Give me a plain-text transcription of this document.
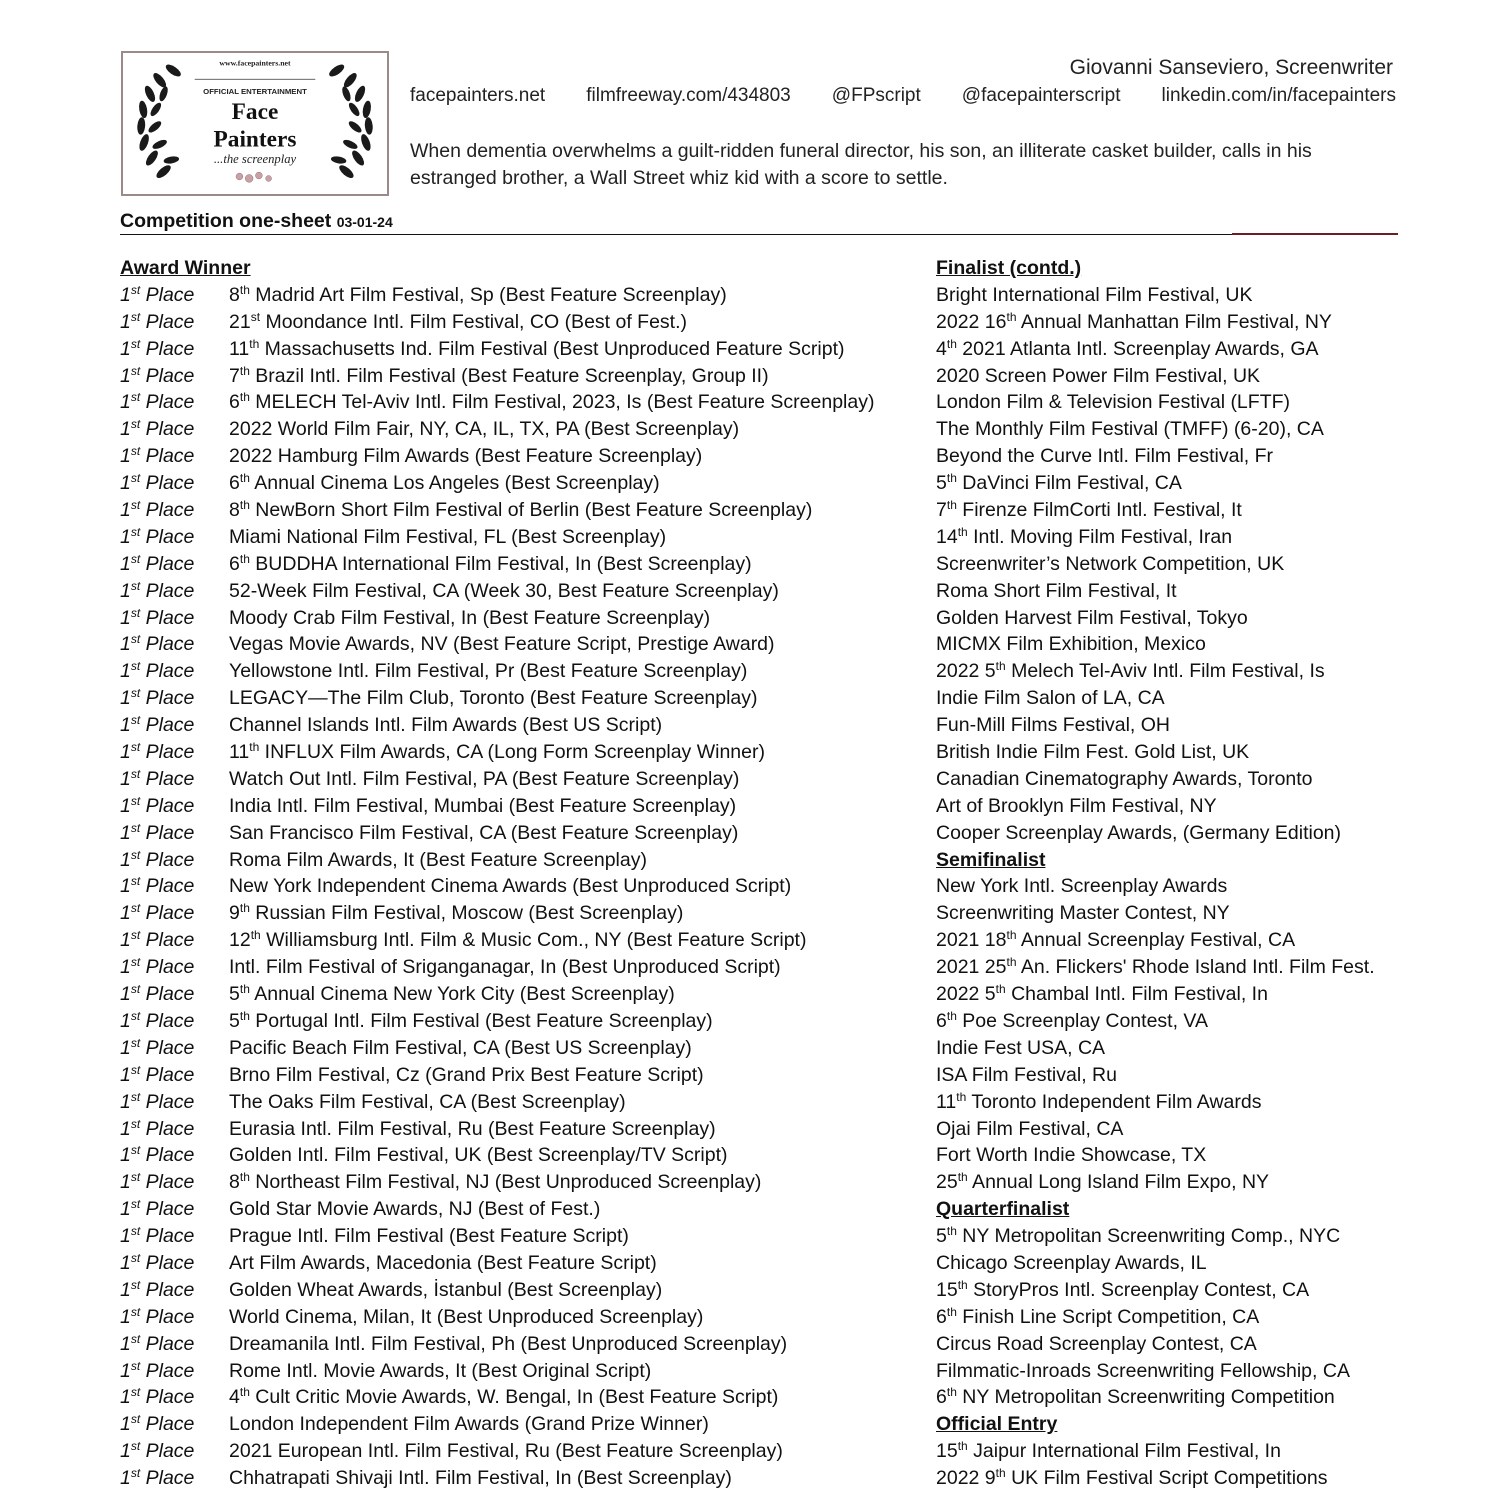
www.facepainters.net
OFFICIAL ENTERTAINMENT
Face
Painters
...the screenplay
Giovanni Sanseviero, Screenwriter
facepainters.net filmfreeway.com/434803 @FPscript @facepainterscript linkedin.com/in/facepainters
When dementia overwhelms a guilt-ridden funeral director, his son, an illiterate casket builder, calls in his estranged brother, a Wall Street whiz kid with a score to settle.
Competition one-sheet 03-01-24
Award Winner
1st Place 8th Madrid Art Film Festival, Sp (Best Feature Screenplay)
1st Place 21st Moondance Intl. Film Festival, CO (Best of Fest.)
1st Place 11th Massachusetts Ind. Film Festival (Best Unproduced Feature Script)
1st Place 7th Brazil Intl. Film Festival (Best Feature Screenplay, Group II)
1st Place 6th MELECH Tel-Aviv Intl. Film Festival, 2023, Is (Best Feature Screenplay)
1st Place 2022 World Film Fair, NY, CA, IL, TX, PA (Best Screenplay)
1st Place 2022 Hamburg Film Awards (Best Feature Screenplay)
1st Place 6th Annual Cinema Los Angeles (Best Screenplay)
1st Place 8th NewBorn Short Film Festival of Berlin (Best Feature Screenplay)
1st Place Miami National Film Festival, FL (Best Screenplay)
1st Place 6th BUDDHA International Film Festival, In (Best Screenplay)
1st Place 52-Week Film Festival, CA (Week 30, Best Feature Screenplay)
1st Place Moody Crab Film Festival, In (Best Feature Screenplay)
1st Place Vegas Movie Awards, NV (Best Feature Script, Prestige Award)
1st Place Yellowstone Intl. Film Festival, Pr (Best Feature Screenplay)
1st Place LEGACY—The Film Club, Toronto (Best Feature Screenplay)
1st Place Channel Islands Intl. Film Awards (Best US Script)
1st Place 11th INFLUX Film Awards, CA (Long Form Screenplay Winner)
1st Place Watch Out Intl. Film Festival, PA (Best Feature Screenplay)
1st Place India Intl. Film Festival, Mumbai (Best Feature Screenplay)
1st Place San Francisco Film Festival, CA (Best Feature Screenplay)
1st Place Roma Film Awards, It (Best Feature Screenplay)
1st Place New York Independent Cinema Awards (Best Unproduced Script)
1st Place 9th Russian Film Festival, Moscow (Best Screenplay)
1st Place 12th Williamsburg Intl. Film & Music Com., NY (Best Feature Script)
1st Place Intl. Film Festival of Sriganganagar, In (Best Unproduced Script)
1st Place 5th Annual Cinema New York City (Best Screenplay)
1st Place 5th Portugal Intl. Film Festival (Best Feature Screenplay)
1st Place Pacific Beach Film Festival, CA (Best US Screenplay)
1st Place Brno Film Festival, Cz (Grand Prix Best Feature Script)
1st Place The Oaks Film Festival, CA (Best Screenplay)
1st Place Eurasia Intl. Film Festival, Ru (Best Feature Screenplay)
1st Place Golden Intl. Film Festival, UK (Best Screenplay/TV Script)
1st Place 8th Northeast Film Festival, NJ (Best Unproduced Screenplay)
1st Place Gold Star Movie Awards, NJ (Best of Fest.)
1st Place Prague Intl. Film Festival (Best Feature Script)
1st Place Art Film Awards, Macedonia (Best Feature Script)
1st Place Golden Wheat Awards, İstanbul (Best Screenplay)
1st Place World Cinema, Milan, It (Best Unproduced Screenplay)
1st Place Dreamanila Intl. Film Festival, Ph (Best Unproduced Screenplay)
1st Place Rome Intl. Movie Awards, It (Best Original Script)
1st Place 4th Cult Critic Movie Awards, W. Bengal, In (Best Feature Script)
1st Place London Independent Film Awards (Grand Prize Winner)
1st Place 2021 European Intl. Film Festival, Ru (Best Feature Screenplay)
1st Place Chhatrapati Shivaji Intl. Film Festival, In (Best Screenplay)
Finalist (contd.)
Bright International Film Festival, UK
2022 16th Annual Manhattan Film Festival, NY
4th 2021 Atlanta Intl. Screenplay Awards, GA
2020 Screen Power Film Festival, UK
London Film & Television Festival (LFTF)
The Monthly Film Festival (TMFF) (6-20), CA
Beyond the Curve Intl. Film Festival, Fr
5th DaVinci Film Festival, CA
7th Firenze FilmCorti Intl. Festival, It
14th Intl. Moving Film Festival, Iran
Screenwriter’s Network Competition, UK
Roma Short Film Festival, It
Golden Harvest Film Festival, Tokyo
MICMX Film Exhibition, Mexico
2022 5th Melech Tel-Aviv Intl. Film Festival, Is
Indie Film Salon of LA, CA
Fun-Mill Films Festival, OH
British Indie Film Fest. Gold List, UK
Canadian Cinematography Awards, Toronto
Art of Brooklyn Film Festival, NY
Cooper Screenplay Awards, (Germany Edition)
Semifinalist
New York Intl. Screenplay Awards
Screenwriting Master Contest, NY
2021 18th Annual Screenplay Festival, CA
2021 25th An. Flickers' Rhode Island Intl. Film Fest.
2022 5th Chambal Intl. Film Festival, In
6th Poe Screenplay Contest, VA
Indie Fest USA, CA
ISA Film Festival, Ru
11th Toronto Independent Film Awards
Ojai Film Festival, CA
Fort Worth Indie Showcase, TX
25th Annual Long Island Film Expo, NY
Quarterfinalist
5th NY Metropolitan Screenwriting Comp., NYC
Chicago Screenplay Awards, IL
15th StoryPros Intl. Screenplay Contest, CA
6th Finish Line Script Competition, CA
Circus Road Screenplay Contest, CA
Filmmatic-Inroads Screenwriting Fellowship, CA
6th NY Metropolitan Screenwriting Competition
Official Entry
15th Jaipur International Film Festival, In
2022 9th UK Film Festival Script Competitions
